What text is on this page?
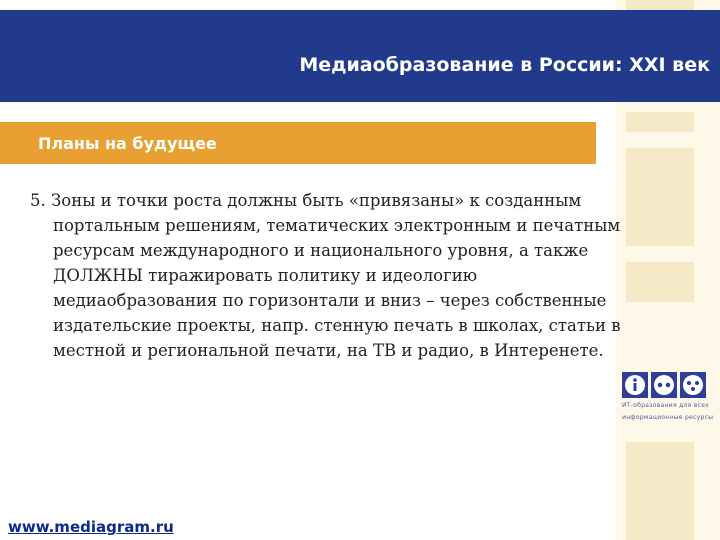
Медиаобразование в России: XXI век
Планы на будущее
5. Зоны и точки роста должны быть «привязаны» к созданным портальным решениям, тематических электронным и печатным ресурсам международного и национального уровня, а также ДОЛЖНЫ тиражировать политику и идеологию медиаобразования по горизонтали и вниз – через собственные издательские проекты, напр. стенную печать в школах, статьи в местной и региональной печати, на ТВ и радио, в Интеренете.
ИТ-образования для всех
информационные ресурсы
www.mediagram.ru
